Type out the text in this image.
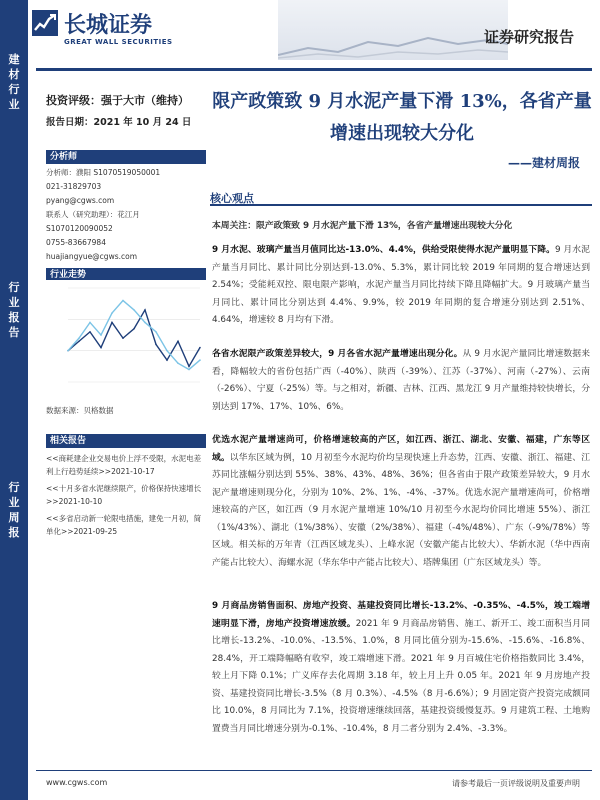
建
材
行
业
行
业
报
告
行
业
周
报
长城证券
GREAT WALL SECURITIES	证券研究报告
投资评级：强于大市（维持）
报告日期：2021 年 10 月 24 日
限产政策致 9 月水泥产量下滑 13%，各省产量增速出现较大分化
——建材周报
分析师
分析师：濮阳 S1070519050001
021-31829703
pyang@cgws.com
联系人（研究助理）：花江月
S1070120090052
0755-83667984
huajiangyue@cgws.com
行业走势
数据来源：贝格数据
相关报告
<<商耗建企业交易电价上浮不受限，水泥电差利上行趋势延续>>2021-10-17
<<十月多省水泥继续限产，价格保持快速增长>>2021-10-10
<<多省启动新一轮限电措施，建免一月初，简单化>>2021-09-25
核心观点
本周关注：限产政策致 9 月水泥产量下滑 13%，各省产量增速出现较大分化
9 月水泥、玻璃产量当月值同比达-13.0%、4.4%，供给受限使得水泥产量明显下降。9 月水泥产量当月同比、累计同比分别达到-13.0%、5.3%，累计同比较 2019 年同期的复合增速达到 2.54%；受能耗双控、限电限产影响，水泥产量当月同比持续下降且降幅扩大。9 月玻璃产量当月同比、累计同比分别达到 4.4%、9.9%，较 2019 年同期的复合增速分别达到 2.51%、4.64%，增速较 8 月均有下滑。
各省水泥限产政策差异较大，9 月各省水泥产量增速出现分化。从 9 月水泥产量同比增速数据来看，降幅较大的省份包括广西（-40%）、陕西（-39%）、江苏（-37%）、河南（-27%）、云南（-26%）、宁夏（-25%）等。与之相对，新疆、吉林、江西、黑龙江 9 月产量维持较快增长，分别达到 17%、17%、10%、6%。
优选水泥产量增速尚可，价格增速较高的产区，如江西、浙江、湖北、安徽、福建，广东等区域。以华东区域为例，10 月初至今水泥均价均呈现快速上升态势，江西、安徽、浙江、福建、江苏同比涨幅分别达到 55%、38%、43%、48%、36%；但各省由于限产政策差异较大，9 月水泥产量增速则现分化，分别为 10%、2%、1%、-4%、-37%。优选水泥产量增速尚可，价格增速较高的产区，如江西（9 月水泥产量增速 10%/10 月初至今水泥均价同比增速 55%）、浙江（1%/43%）、湖北（1%/38%）、安徽（2%/38%）、福建（-4%/48%）、广东（-9%/78%）等区域。相关标的万年青（江西区域龙头）、上峰水泥（安徽产能占比较大）、华新水泥（华中西南产能占比较大）、海螺水泥（华东华中产能占比较大）、塔牌集团（广东区域龙头）等。
9 月商品房销售面积、房地产投资、基建投资同比增长-13.2%、-0.35%、-4.5%，竣工端增速明显下滑，房地产投资增速放缓。2021 年 9 月商品房销售、施工、新开工、竣工面积当月同比增长-13.2%、-10.0%、-13.5%、1.0%，8 月同比值分别为-15.6%、-15.6%、-16.8%、28.4%，开工端降幅略有收窄，竣工端增速下滑。2021 年 9 月百城住宅价格指数同比 3.4%，较上月下降 0.1%；广义库存去化周期 3.18 年，较上月上升 0.05 年。2021 年 9 月房地产投资、基建投资同比增长-3.5%（8 月 0.3%）、-4.5%（8 月-6.6%）；9 月固定资产投资完成额同比 10.0%，8 月同比为 7.1%，投资增速继续回落，基建投资缓慢复苏。9 月建筑工程、土地购置费当月同比增速分别为-0.1%、-10.4%，8 月二者分别为 2.4%、-3.3%。
www.cgws.com	请参考最后一页评级说明及重要声明
